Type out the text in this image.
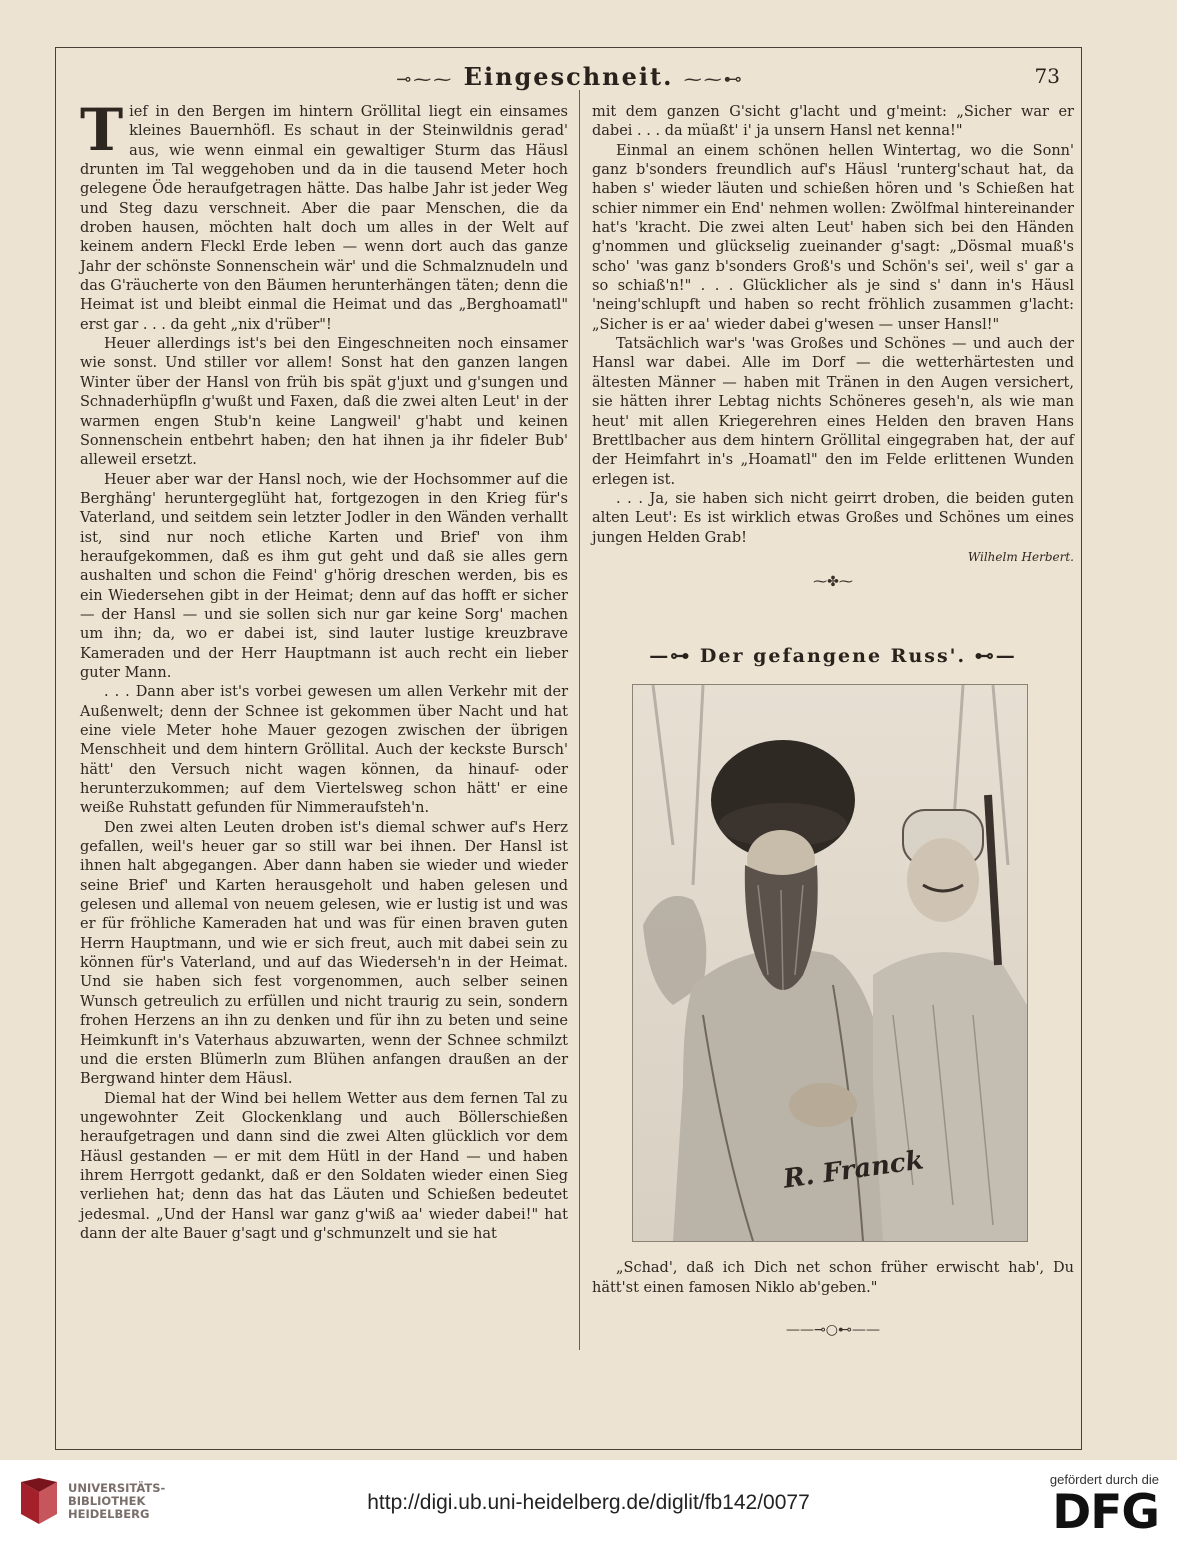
⊸⁓⁓ Eingeschneit. ⁓⁓⊷	73

Tief in den Bergen im hintern Gröllital liegt ein einsames kleines Bauernhöfl. Es schaut in der Steinwildnis gerad' aus, wie wenn einmal ein gewaltiger Sturm das Häusl drunten im Tal weggehoben und da in die tausend Meter hoch gelegene Öde heraufgetragen hätte. Das halbe Jahr ist jeder Weg und Steg dazu verschneit. Aber die paar Menschen, die da droben hausen, möchten halt doch um alles in der Welt auf keinem andern Fleckl Erde leben — wenn dort auch das ganze Jahr der schönste Sonnenschein wär' und die Schmalznudeln und das G'räucherte von den Bäumen herunterhängen täten; denn die Heimat ist und bleibt einmal die Heimat und das „Berghoamatl" erst gar . . . da geht „nix d'rüber"!

Heuer allerdings ist's bei den Eingeschneiten noch einsamer wie sonst. Und stiller vor allem! Sonst hat den ganzen langen Winter über der Hansl von früh bis spät g'juxt und g'sungen und Schnaderhüpfln g'wußt und Faxen, daß die zwei alten Leut' in der warmen engen Stub'n keine Langweil' g'habt und keinen Sonnenschein entbehrt haben; den hat ihnen ja ihr fideler Bub' alleweil ersetzt.

Heuer aber war der Hansl noch, wie der Hochsommer auf die Berghäng' heruntergeglüht hat, fortgezogen in den Krieg für's Vaterland, und seitdem sein letzter Jodler in den Wänden verhallt ist, sind nur noch etliche Karten und Brief' von ihm heraufgekommen, daß es ihm gut geht und daß sie alles gern aushalten und schon die Feind' g'hörig dreschen werden, bis es ein Wiedersehen gibt in der Heimat; denn auf das hofft er sicher — der Hansl — und sie sollen sich nur gar keine Sorg' machen um ihn; da, wo er dabei ist, sind lauter lustige kreuzbrave Kameraden und der Herr Hauptmann ist auch recht ein lieber guter Mann.

. . . Dann aber ist's vorbei gewesen um allen Verkehr mit der Außenwelt; denn der Schnee ist gekommen über Nacht und hat eine viele Meter hohe Mauer gezogen zwischen der übrigen Menschheit und dem hintern Gröllital. Auch der keckste Bursch' hätt' den Versuch nicht wagen können, da hinauf- oder herunterzukommen; auf dem Viertelsweg schon hätt' er eine weiße Ruhstatt gefunden für Nimmeraufsteh'n.

Den zwei alten Leuten droben ist's diemal schwer auf's Herz gefallen, weil's heuer gar so still war bei ihnen. Der Hansl ist ihnen halt abgegangen. Aber dann haben sie wieder und wieder seine Brief' und Karten herausgeholt und haben gelesen und gelesen und allemal von neuem gelesen, wie er lustig ist und was er für fröhliche Kameraden hat und was für einen braven guten Herrn Hauptmann, und wie er sich freut, auch mit dabei sein zu können für's Vaterland, und auf das Wiederseh'n in der Heimat. Und sie haben sich fest vorgenommen, auch selber seinen Wunsch getreulich zu erfüllen und nicht traurig zu sein, sondern frohen Herzens an ihn zu denken und für ihn zu beten und seine Heimkunft in's Vaterhaus abzuwarten, wenn der Schnee schmilzt und die ersten Blümerln zum Blühen anfangen draußen an der Bergwand hinter dem Häusl.

Diemal hat der Wind bei hellem Wetter aus dem fernen Tal zu ungewohnter Zeit Glockenklang und auch Böllerschießen heraufgetragen und dann sind die zwei Alten glücklich vor dem Häusl gestanden — er mit dem Hütl in der Hand — und haben ihrem Herrgott gedankt, daß er den Soldaten wieder einen Sieg verliehen hat; denn das hat das Läuten und Schießen bedeutet jedesmal. „Und der Hansl war ganz g'wiß aa' wieder dabei!" hat dann der alte Bauer g'sagt und g'schmunzelt und sie hat

mit dem ganzen G'sicht g'lacht und g'meint: „Sicher war er dabei . . . da müaßt' i' ja unsern Hansl net kenna!"

Einmal an einem schönen hellen Wintertag, wo die Sonn' ganz b'sonders freundlich auf's Häusl 'runterg'schaut hat, da haben s' wieder läuten und schießen hören und 's Schießen hat schier nimmer ein End' nehmen wollen: Zwölfmal hintereinander hat's 'kracht. Die zwei alten Leut' haben sich bei den Händen g'nommen und glückselig zueinander g'sagt: „Dösmal muaß's scho' 'was ganz b'sonders Groß's und Schön's sei', weil s' gar a so schiaß'n!" . . . Glücklicher als je sind s' dann in's Häusl 'neing'schlupft und haben so recht fröhlich zusammen g'lacht: „Sicher is er aa' wieder dabei g'wesen — unser Hansl!"

Tatsächlich war's 'was Großes und Schönes — und auch der Hansl war dabei. Alle im Dorf — die wetterhärtesten und ältesten Männer — haben mit Tränen in den Augen versichert, sie hätten ihrer Lebtag nichts Schöneres geseh'n, als wie man heut' mit allen Kriegerehren eines Helden den braven Hans Brettlbacher aus dem hintern Gröllital eingegraben hat, der auf der Heimfahrt in's „Hoamatl" den im Felde erlittenen Wunden erlegen ist.

. . . Ja, sie haben sich nicht geirrt droben, die beiden guten alten Leut': Es ist wirklich etwas Großes und Schönes um eines jungen Helden Grab!

Wilhelm Herbert.
⁓✤⁓
—⊶ Der gefangene Russ'. ⊷—
R. Franck
„Schad', daß ich Dich net schon früher erwischt hab', Du hätt'st einen famosen Niklo ab'geben."
——⊸○⊷——
UNIVERSITÄTS-
BIBLIOTHEK
HEIDELBERG	http://digi.ub.uni-heidelberg.de/diglit/fb142/0077
gefördert durch die
DFG
